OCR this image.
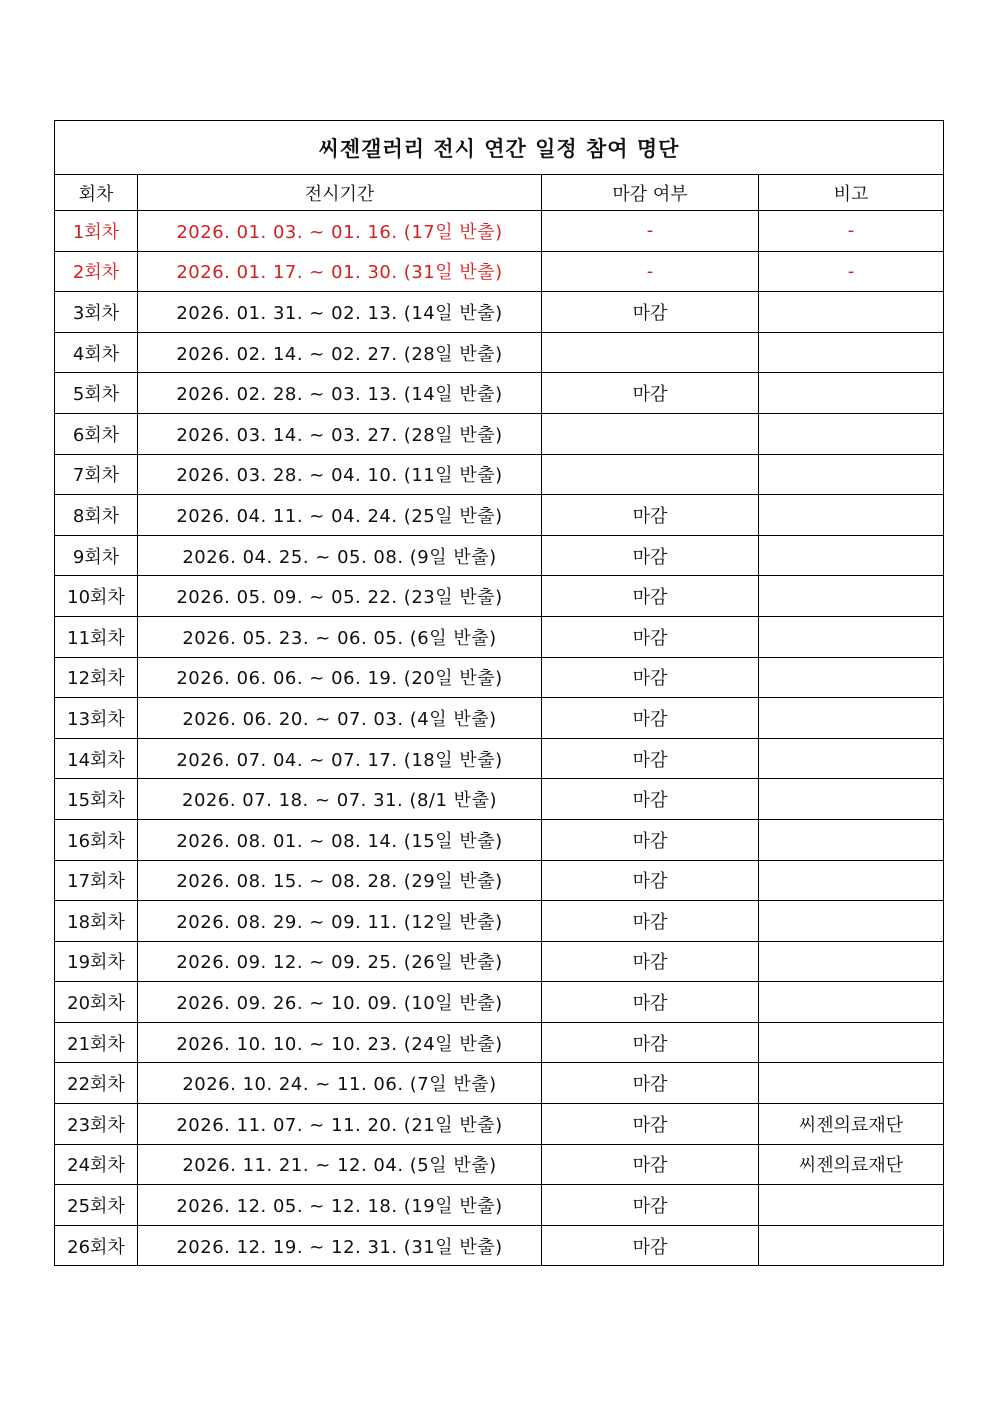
씨젠갤러리 전시 연간 일정 참여 명단			
회차	전시기간	마감 여부	비고
1회차	2026. 01. 03. ~ 01. 16. (17일 반출)	-	-
2회차	2026. 01. 17. ~ 01. 30. (31일 반출)	-	-
3회차	2026. 01. 31. ~ 02. 13. (14일 반출)	마감	
4회차	2026. 02. 14. ~ 02. 27. (28일 반출)		
5회차	2026. 02. 28. ~ 03. 13. (14일 반출)	마감	
6회차	2026. 03. 14. ~ 03. 27. (28일 반출)		
7회차	2026. 03. 28. ~ 04. 10. (11일 반출)		
8회차	2026. 04. 11. ~ 04. 24. (25일 반출)	마감	
9회차	2026. 04. 25. ~ 05. 08. (9일 반출)	마감	
10회차	2026. 05. 09. ~ 05. 22. (23일 반출)	마감	
11회차	2026. 05. 23. ~ 06. 05. (6일 반출)	마감	
12회차	2026. 06. 06. ~ 06. 19. (20일 반출)	마감	
13회차	2026. 06. 20. ~ 07. 03. (4일 반출)	마감	
14회차	2026. 07. 04. ~ 07. 17. (18일 반출)	마감	
15회차	2026. 07. 18. ~ 07. 31. (8/1 반출)	마감	
16회차	2026. 08. 01. ~ 08. 14. (15일 반출)	마감	
17회차	2026. 08. 15. ~ 08. 28. (29일 반출)	마감	
18회차	2026. 08. 29. ~ 09. 11. (12일 반출)	마감	
19회차	2026. 09. 12. ~ 09. 25. (26일 반출)	마감	
20회차	2026. 09. 26. ~ 10. 09. (10일 반출)	마감	
21회차	2026. 10. 10. ~ 10. 23. (24일 반출)	마감	
22회차	2026. 10. 24. ~ 11. 06. (7일 반출)	마감	
23회차	2026. 11. 07. ~ 11. 20. (21일 반출)	마감	씨젠의료재단
24회차	2026. 11. 21. ~ 12. 04. (5일 반출)	마감	씨젠의료재단
25회차	2026. 12. 05. ~ 12. 18. (19일 반출)	마감	
26회차	2026. 12. 19. ~ 12. 31. (31일 반출)	마감	
